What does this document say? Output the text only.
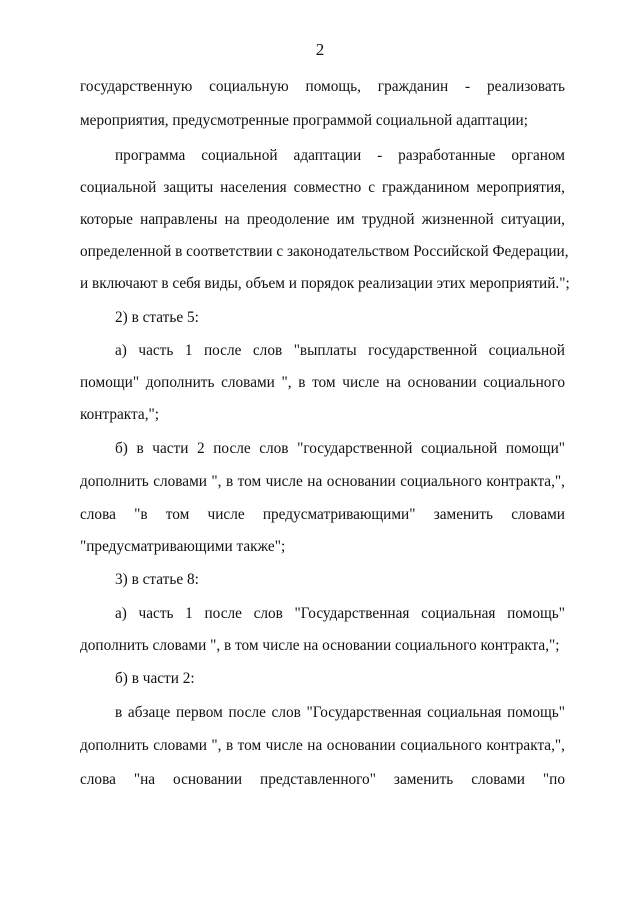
2
государственную социальную помощь, гражданин - реализовать
мероприятия, предусмотренные программой социальной адаптации;
программа социальной адаптации - разработанные органом
социальной защиты населения совместно с гражданином мероприятия,
которые направлены на преодоление им трудной жизненной ситуации,
определенной в соответствии с законодательством Российской Федерации,
и включают в себя виды, объем и порядок реализации этих мероприятий.";
2) в статье 5:
а) часть 1 после слов "выплаты государственной социальной
помощи" дополнить словами ", в том числе на основании социального
контракта,";
б) в части 2 после слов "государственной социальной помощи"
дополнить словами ", в том числе на основании социального контракта,",
слова "в том числе предусматривающими" заменить словами
"предусматривающими также";
3) в статье 8:
а) часть 1 после слов "Государственная социальная помощь"
дополнить словами ", в том числе на основании социального контракта,";
б) в части 2:
в абзаце первом после слов "Государственная социальная помощь"
дополнить словами ", в том числе на основании социального контракта,",
слова "на основании представленного" заменить словами "по
